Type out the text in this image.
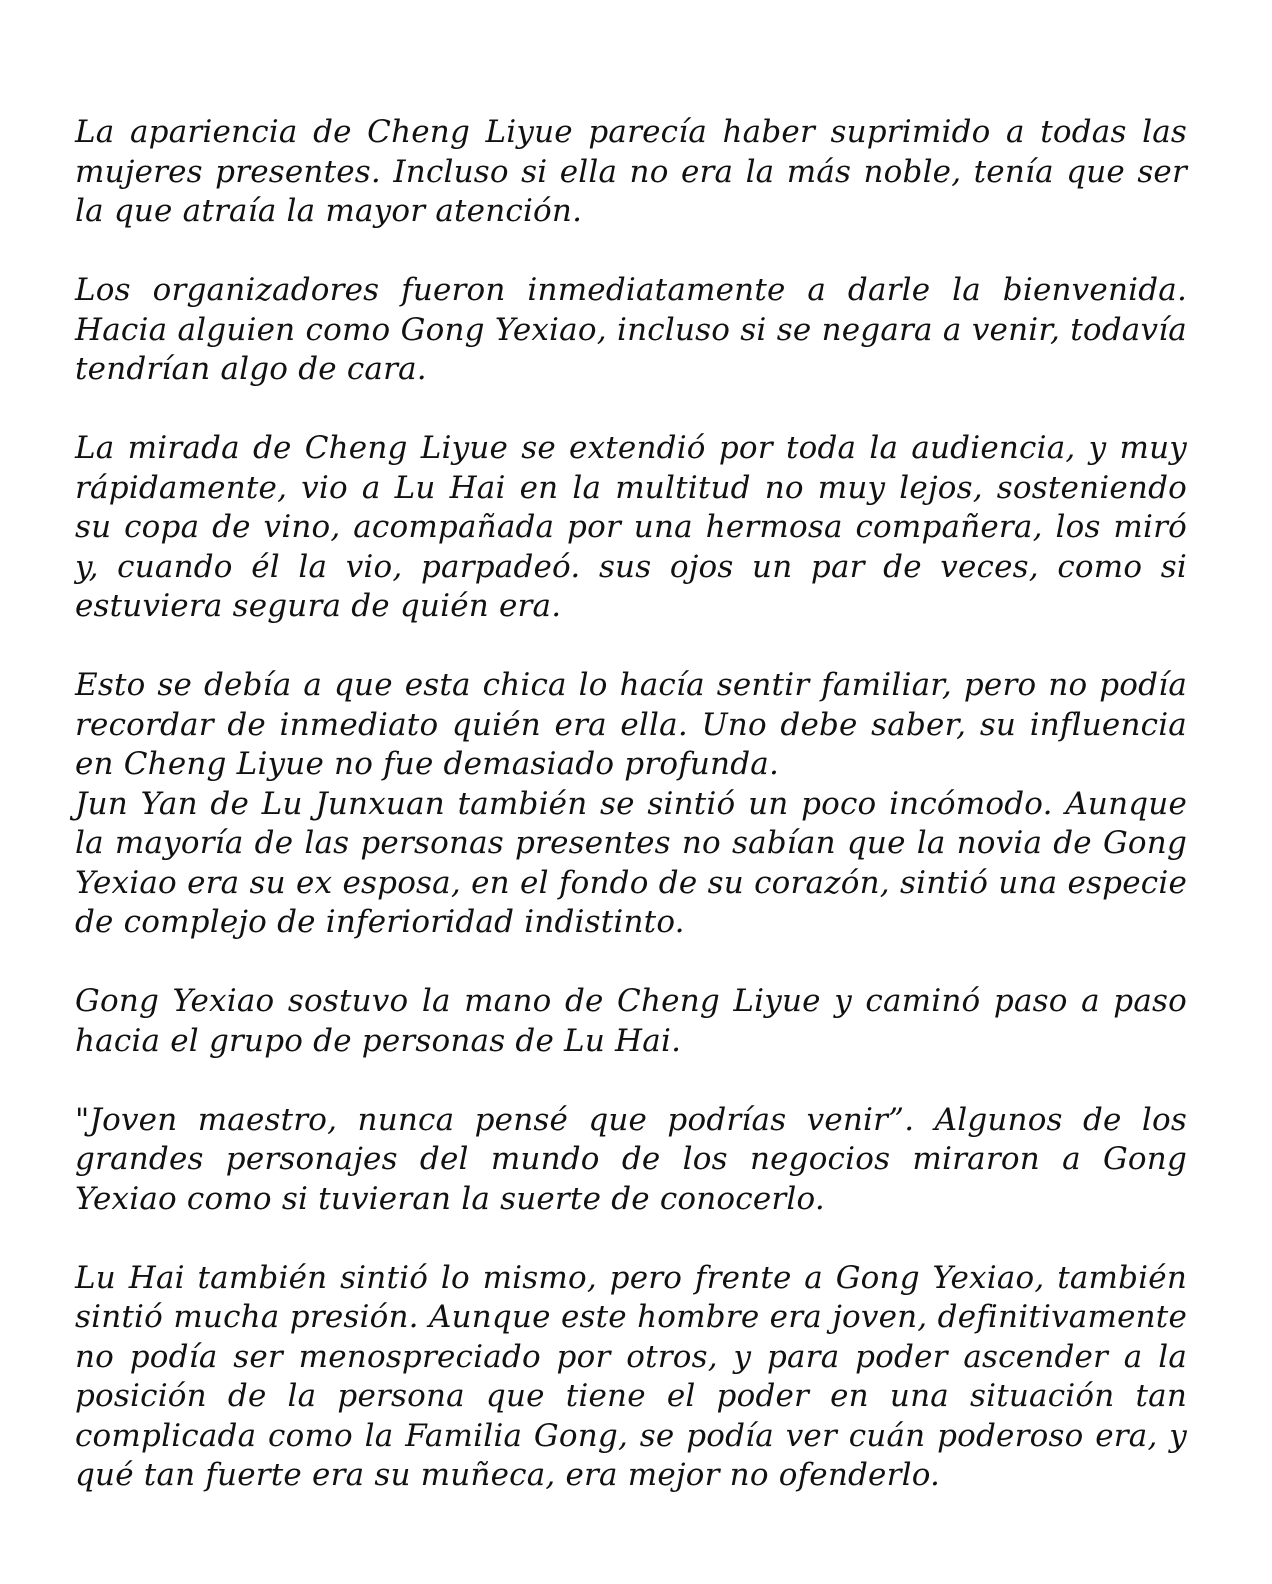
La apariencia de Cheng Liyue parecía haber suprimido a todas las mujeres presentes. Incluso si ella no era la más noble, tenía que ser la que atraía la mayor atención.

Los organizadores fueron inmediatamente a darle la bienvenida. Hacia alguien como Gong Yexiao, incluso si se negara a venir, todavía tendrían algo de cara.

La mirada de Cheng Liyue se extendió por toda la audiencia, y muy rápidamente, vio a Lu Hai en la multitud no muy lejos, sosteniendo su copa de vino, acompañada por una hermosa compañera, los miró y, cuando él la vio, parpadeó. sus ojos un par de veces, como si estuviera segura de quién era.

Esto se debía a que esta chica lo hacía sentir familiar, pero no podía recordar de inmediato quién era ella. Uno debe saber, su influencia en Cheng Liyue no fue demasiado profunda.

Jun Yan de Lu Junxuan también se sintió un poco incómodo. Aunque la mayoría de las personas presentes no sabían que la novia de Gong Yexiao era su ex esposa, en el fondo de su corazón, sintió una especie de complejo de inferioridad indistinto.

Gong Yexiao sostuvo la mano de Cheng Liyue y caminó paso a paso hacia el grupo de personas de Lu Hai.

"Joven maestro, nunca pensé que podrías venir”. Algunos de los grandes personajes del mundo de los negocios miraron a Gong Yexiao como si tuvieran la suerte de conocerlo.

Lu Hai también sintió lo mismo, pero frente a Gong Yexiao, también sintió mucha presión. Aunque este hombre era joven, definitivamente no podía ser menospreciado por otros, y para poder ascender a la posición de la persona que tiene el poder en una situación tan complicada como la Familia Gong, se podía ver cuán poderoso era, y qué tan fuerte era su muñeca, era mejor no ofenderlo.
